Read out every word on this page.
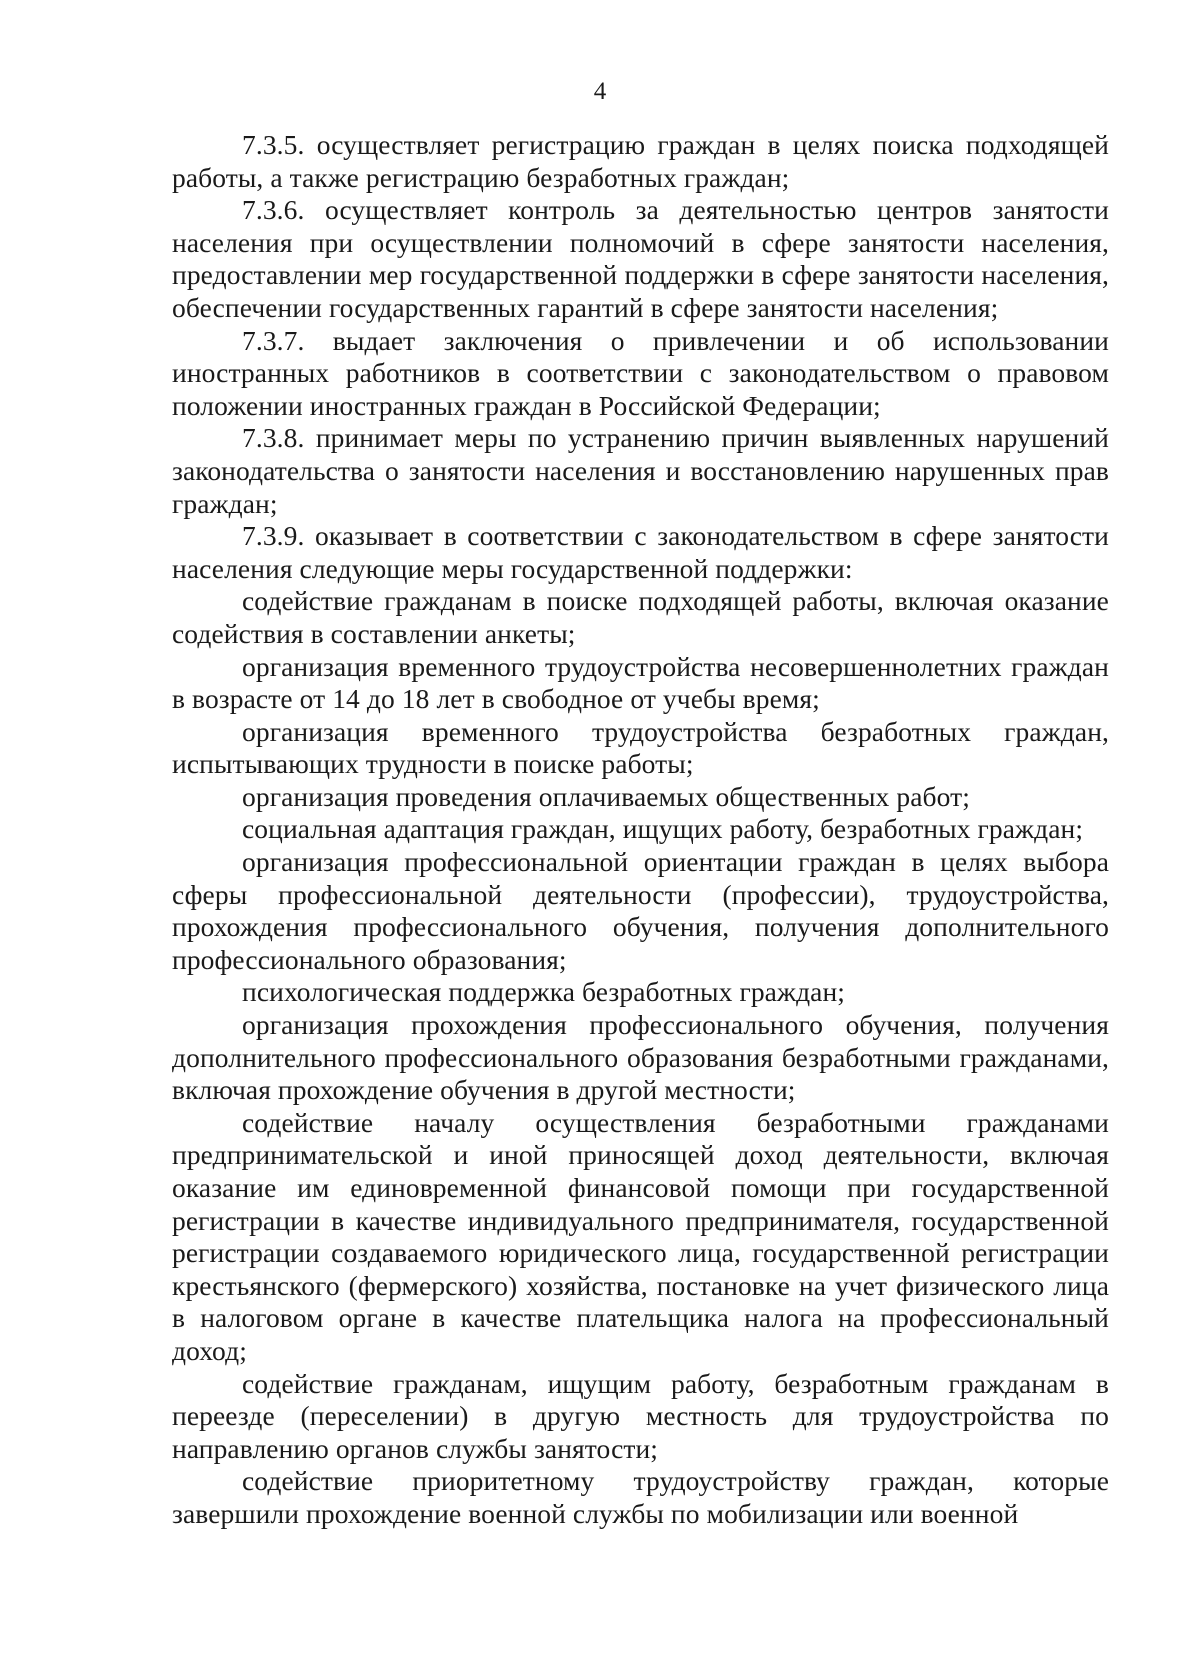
4

7.3.5. осуществляет регистрацию граждан в целях поиска подходящей работы, а также регистрацию безработных граждан;

7.3.6. осуществляет контроль за деятельностью центров занятости населения при осуществлении полномочий в сфере занятости населения, предоставлении мер государственной поддержки в сфере занятости населения, обеспечении государственных гарантий в сфере занятости населения;

7.3.7. выдает заключения о привлечении и об использовании иностранных работников в соответствии с законодательством о правовом положении иностранных граждан в Российской Федерации;

7.3.8. принимает меры по устранению причин выявленных нарушений законодательства о занятости населения и восстановлению нарушенных прав граждан;

7.3.9. оказывает в соответствии с законодательством в сфере занятости населения следующие меры государственной поддержки:

содействие гражданам в поиске подходящей работы, включая оказание содействия в составлении анкеты;

организация временного трудоустройства несовершеннолетних граждан в возрасте от 14 до 18 лет в свободное от учебы время;

организация временного трудоустройства безработных граждан, испытывающих трудности в поиске работы;

организация проведения оплачиваемых общественных работ;

социальная адаптация граждан, ищущих работу, безработных граждан;

организация профессиональной ориентации граждан в целях выбора сферы профессиональной деятельности (профессии), трудоустройства, прохождения профессионального обучения, получения дополнительного профессионального образования;

психологическая поддержка безработных граждан;

организация прохождения профессионального обучения, получения дополнительного профессионального образования безработными гражданами, включая прохождение обучения в другой местности;

содействие началу осуществления безработными гражданами предпринимательской и иной приносящей доход деятельности, включая оказание им единовременной финансовой помощи при государственной регистрации в качестве индивидуального предпринимателя, государственной регистрации создаваемого юридического лица, государственной регистрации крестьянского (фермерского) хозяйства, постановке на учет физического лица в налоговом органе в качестве плательщика налога на профессиональный доход;

содействие гражданам, ищущим работу, безработным гражданам в переезде (переселении) в другую местность для трудоустройства по направлению органов службы занятости;

содействие приоритетному трудоустройству граждан, которые завершили прохождение военной службы по мобилизации или военной
